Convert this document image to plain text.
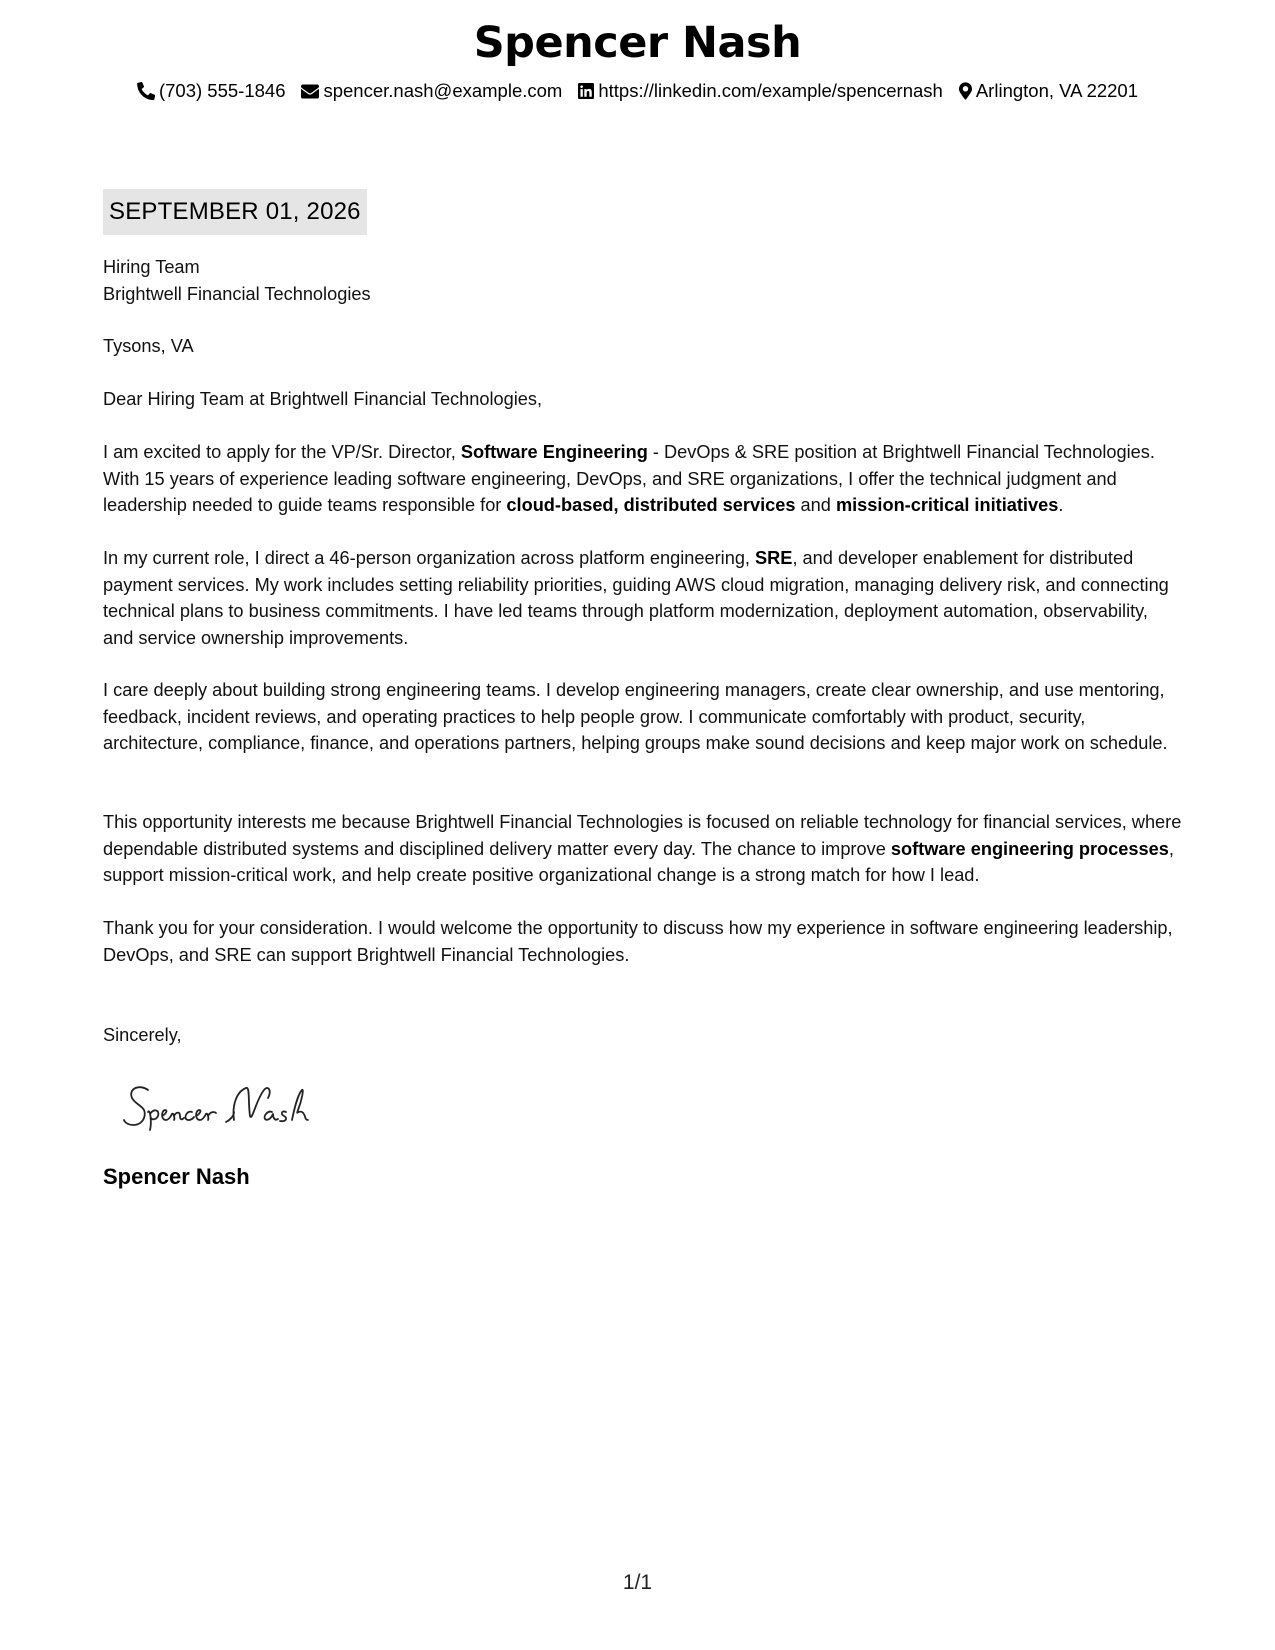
Spencer Nash
(703) 555-1846 spencer.nash@example.com https://linkedin.com/example/spencernash Arlington, VA 22201
SEPTEMBER 01, 2026

Hiring Team

Brightwell Financial Technologies

Tysons, VA

Dear Hiring Team at Brightwell Financial Technologies,

I am excited to apply for the VP/Sr. Director, Software Engineering - DevOps & SRE position at Brightwell Financial Technologies. With 15 years of experience leading software engineering, DevOps, and SRE organizations, I offer the technical judgment and leadership needed to guide teams responsible for cloud-based, distributed services and mission-critical initiatives.

In my current role, I direct a 46-person organization across platform engineering, SRE, and developer enablement for distributed payment services. My work includes setting reliability priorities, guiding AWS cloud migration, managing delivery risk, and connecting technical plans to business commitments. I have led teams through platform modernization, deployment automation, observability, and service ownership improvements.

I care deeply about building strong engineering teams. I develop engineering managers, create clear ownership, and use mentoring, feedback, incident reviews, and operating practices to help people grow. I communicate comfortably with product, security, architecture, compliance, finance, and operations partners, helping groups make sound decisions and keep major work on schedule.

This opportunity interests me because Brightwell Financial Technologies is focused on reliable technology for financial services, where dependable distributed systems and disciplined delivery matter every day. The chance to improve software engineering processes, support mission-critical work, and help create positive organizational change is a strong match for how I lead.

Thank you for your consideration. I would welcome the opportunity to discuss how my experience in software engineering leadership, DevOps, and SRE can support Brightwell Financial Technologies.

Sincerely,

Spencer Nash
1/1
